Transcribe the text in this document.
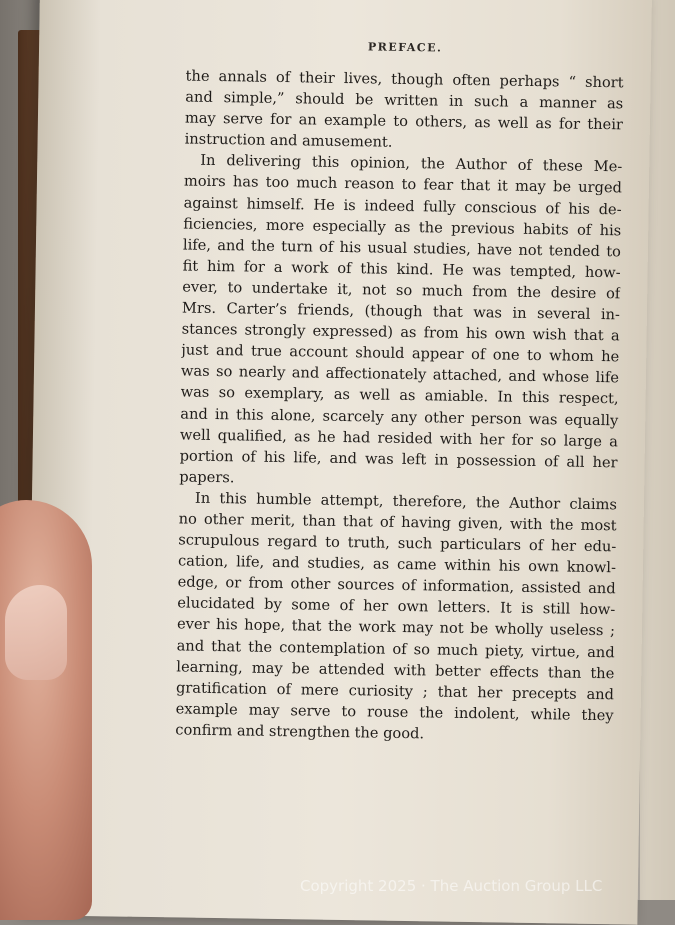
PREFACE.
the annals of their lives, though often perhaps “ short
and simple,” should be written in such a manner as
may serve for an example to others, as well as for their
instruction and amusement.
In delivering this opinion, the Author of these Me-
moirs has too much reason to fear that it may be urged
against himself. He is indeed fully conscious of his de-
ficiencies, more especially as the previous habits of his
life, and the turn of his usual studies, have not tended to
fit him for a work of this kind. He was tempted, how-
ever, to undertake it, not so much from the desire of
Mrs. Carter’s friends, (though that was in several in-
stances strongly expressed) as from his own wish that a
just and true account should appear of one to whom he
was so nearly and affectionately attached, and whose life
was so exemplary, as well as amiable. In this respect,
and in this alone, scarcely any other person was equally
well qualified, as he had resided with her for so large a
portion of his life, and was left in possession of all her
papers.
In this humble attempt, therefore, the Author claims
no other merit, than that of having given, with the most
scrupulous regard to truth, such particulars of her edu-
cation, life, and studies, as came within his own knowl-
edge, or from other sources of information, assisted and
elucidated by some of her own letters. It is still how-
ever his hope, that the work may not be wholly useless ;
and that the contemplation of so much piety, virtue, and
learning, may be attended with better effects than the
gratification of mere curiosity ; that her precepts and
example may serve to rouse the indolent, while they
confirm and strengthen the good.
Copyright 2025 · The Auction Group LLC
